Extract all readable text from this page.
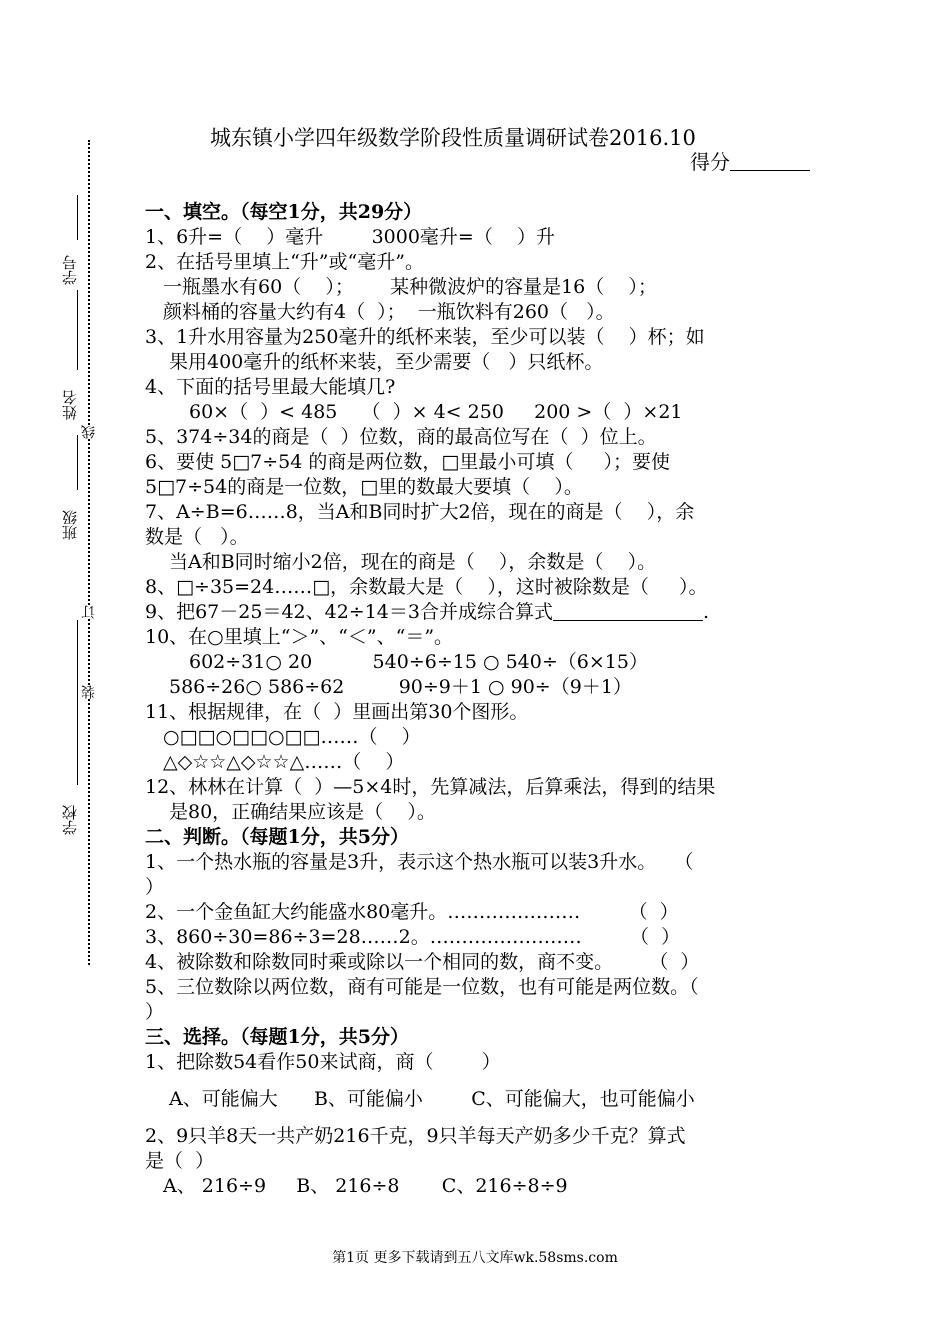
学校
班级
姓名
学号
装
订
线
城东镇小学四年级数学阶段性质量调研试卷2016.10
得分
一、填空。（每空1分，共29分）
1、6升=（    ）毫升        3000毫升=（    ）升
2、在括号里填上“升”或“毫升”。
一瓶墨水有60（    ）；      某种微波炉的容量是16（    ）；
颜料桶的容量大约有4（  ）；  一瓶饮料有260（   ）。
3、1升水用容量为250毫升的纸杯来装，至少可以装（    ）杯；如
果用400毫升的纸杯来装，至少需要（   ）只纸杯。
4、下面的括号里最大能填几?
60×（  ）< 485    （  ）× 4< 250     200 >（  ）×21
5、374÷34的商是（  ）位数，商的最高位写在（  ）位上。
6、要使 5□7÷54 的商是两位数，□里最小可填（     ）；要使
5□7÷54的商是一位数，□里的数最大要填（    ）。
7、A÷B=6……8，当A和B同时扩大2倍，现在的商是（    ），余
数是（   ）。
当A和B同时缩小2倍，现在的商是（    ），余数是（    ）。
8、□÷35=24……□，余数最大是（    ），这时被除数是（     ）。
9、把67－25＝42、42÷14＝3合并成综合算式	.
10、在○里填上“＞”、“＜”、“＝”。
602÷31○ 20          540÷6÷15 ○ 540÷（6×15）
586÷26○ 586÷62         90÷9＋1 ○ 90÷（9＋1）
11、根据规律，在（  ）里画出第30个图形。
○□□○□□○□□……（    ）
△◇☆☆△◇☆☆△……（    ）
12、林林在计算（  ）—5×4时，先算减法，后算乘法，得到的结果
是80，正确结果应该是（    ）。
二、判断。（每题1分，共5分）
1、一个热水瓶的容量是3升，表示这个热水瓶可以装3升水。   （
）
2、一个金鱼缸大约能盛水80毫升。…………………        （  ）
3、860÷30=86÷3=28……2。……………………        （  ）
4、被除数和除数同时乘或除以一个相同的数，商不变。      （  ）
5、三位数除以两位数，商有可能是一位数，也有可能是两位数。（
）
三、选择。（每题1分，共5分）
1、把除数54看作50来试商，商（        ）
A、可能偏大      B、可能偏小        C、可能偏大，也可能偏小
2、9只羊8天一共产奶216千克，9只羊每天产奶多少千克？算式
是（  ）
A、 216÷9     B、 216÷8       C、216÷8÷9
第1页 更多下载请到五八文库wk.58sms.com
